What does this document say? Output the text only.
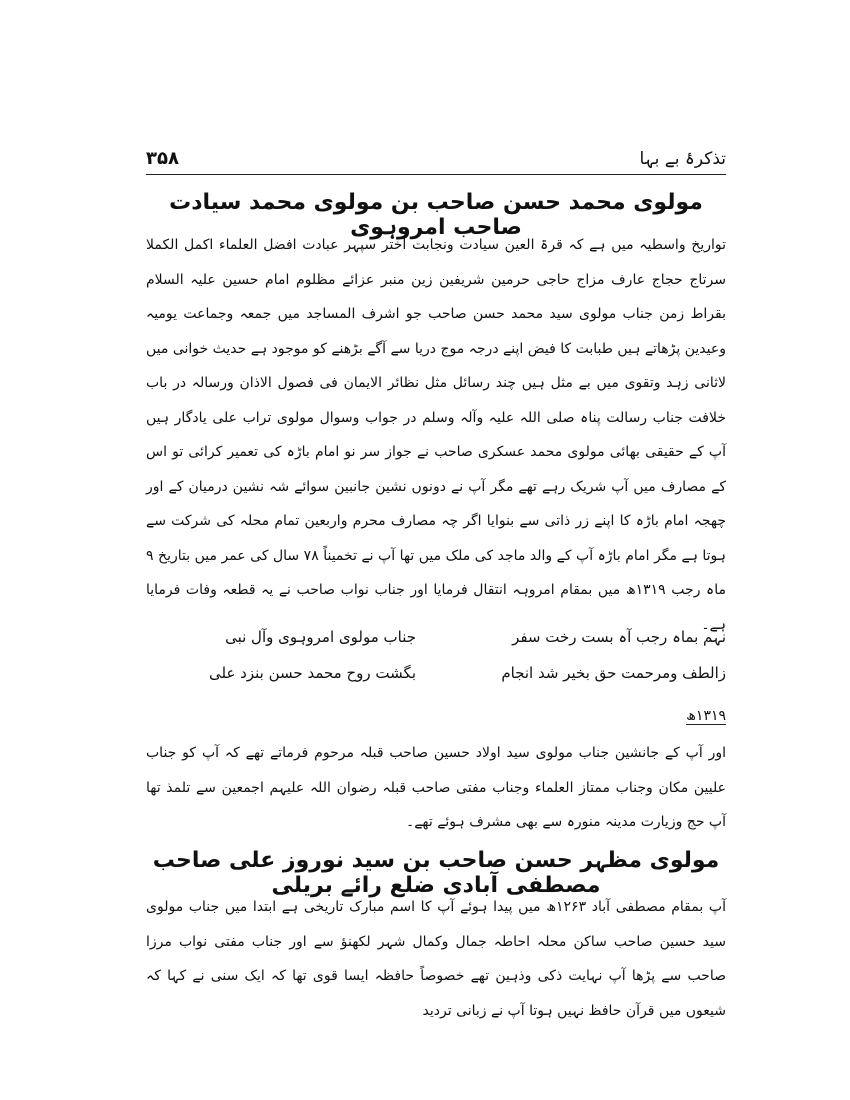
۳۵۸	تذکرۂ بے بہا
مولوی محمد حسن صاحب بن مولوی محمد سیادت صاحب امروہوی
تواریخ واسطیہ میں ہے کہ قرۃ العین سیادت ونجابت اختر سپہر عبادت افضل العلماء اکمل الکملا سرتاج حجاج عارف مزاج حاجی حرمین شریفین زین منبر عزائے مظلوم امام حسین علیہ السلام بقراط زمن جناب مولوی سید محمد حسن صاحب جو اشرف المساجد میں جمعہ وجماعت یومیہ وعیدین پڑھاتے ہیں طبابت کا فیض اپنے درجہ موج دریا سے آگے بڑھنے کو موجود ہے حدیث خوانی میں لاثانی زہد وتقوی میں بے مثل ہیں چند رسائل مثل نظائر الایمان فی فصول الاذان ورسالہ در باب خلافت جناب رسالت پناہ صلی اللہ علیہ وآلہ وسلم در جواب وسوال مولوی تراب علی یادگار ہیں آپ کے حقیقی بھائی مولوی محمد عسکری صاحب نے جواز سر نو امام باڑہ کی تعمیر کرائی تو اس کے مصارف میں آپ شریک رہے تھے مگر آپ نے دونوں نشین جانبین سوائے شہ نشین درمیان کے اور چھجہ امام باڑہ کا اپنے زر ذاتی سے بنوایا اگر چہ مصارف محرم واربعین تمام محلہ کی شرکت سے ہوتا ہے مگر امام باڑہ آپ کے والد ماجد کی ملک میں تھا آپ نے تخمیناً ۷۸ سال کی عمر میں بتاریخ ۹ ماہ رجب ۱۳۱۹ھ میں بمقام امروہہ انتقال فرمایا اور جناب نواب صاحب نے یہ قطعہ وفات فرمایا ہے۔
نہم بماہ رجب آہ بست رخت سفر
جناب مولوی امروہوی وآل نبی
زالطف ومرحمت حق بخیر شد انجام
بگشت روح محمد حسن بنزد علی
۱۳۱۹ھ
اور آپ کے جانشین جناب مولوی سید اولاد حسین صاحب قبلہ مرحوم فرماتے تھے کہ آپ کو جناب علیین مکان وجناب ممتاز العلماء وجناب مفتی صاحب قبلہ رضوان اللہ علیہم اجمعین سے تلمذ تھا آپ حج وزیارت مدینہ منورہ سے بھی مشرف ہوئے تھے۔
مولوی مظہر حسن صاحب بن سید نوروز علی صاحب مصطفی آبادی ضلع رائے بریلی
آپ بمقام مصطفی آباد ۱۲۶۳ھ میں پیدا ہوئے آپ کا اسم مبارک تاریخی ہے ابتدا میں جناب مولوی سید حسین صاحب ساکن محلہ احاطہ جمال وکمال شہر لکھنؤ سے اور جناب مفتی نواب مرزا صاحب سے پڑھا آپ نہایت ذکی وذہین تھے خصوصاً حافظہ ایسا قوی تھا کہ ایک سنی نے کہا کہ شیعوں میں قرآن حافظ نہیں ہوتا آپ نے زبانی تردید
